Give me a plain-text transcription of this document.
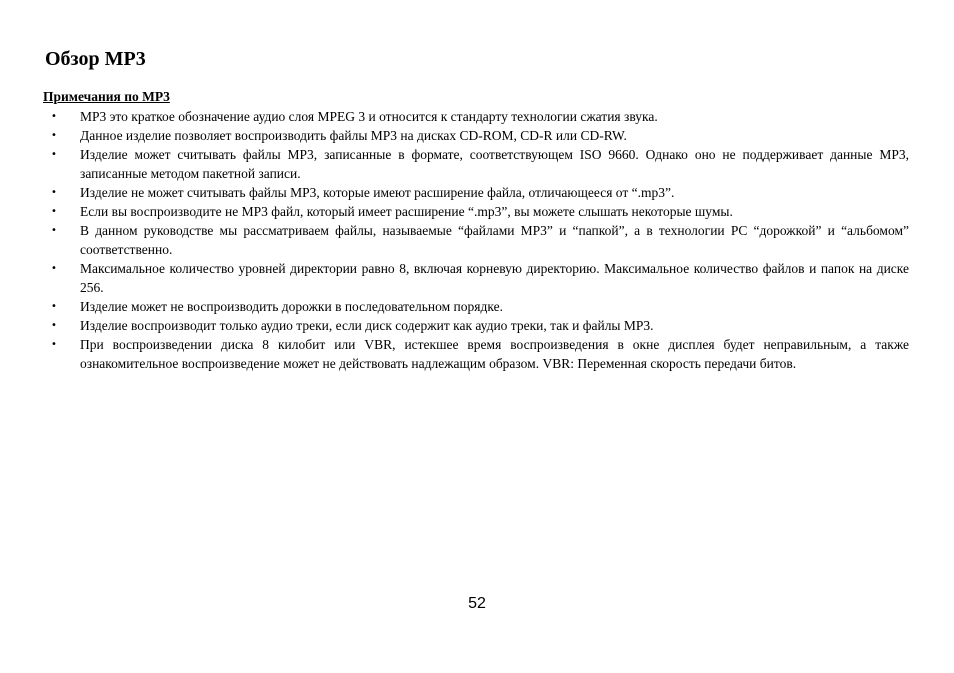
Обзор MP3
Примечания по MP3
• MP3 это краткое обозначение аудио слоя MPEG 3 и относится к стандарту технологии сжатия звука.
• Данное изделие позволяет воспроизводить файлы MP3 на дисках CD-ROM, CD-R или CD-RW.
• Изделие может считывать файлы MP3, записанные в формате, соответствующем ISO 9660. Однако оно не поддерживает данные MP3, записанные методом пакетной записи.
• Изделие не может считывать файлы MP3, которые имеют расширение файла, отличающееся от “.mp3”.
• Если вы воспроизводите не MP3 файл, который имеет расширение “.mp3”, вы можете слышать некоторые шумы.
• В данном руководстве мы рассматриваем файлы, называемые “файлами MP3” и “папкой”, а в технологии PC “дорожкой” и “альбомом” соответственно.
• Максимальное количество уровней директории равно 8, включая корневую директорию. Максимальное количество файлов и папок на диске 256.
• Изделие может не воспроизводить дорожки в последовательном порядке.
• Изделие воспроизводит только аудио треки, если диск содержит как аудио треки, так и файлы MP3.
• При воспроизведении диска 8 килобит или VBR, истекшее время воспроизведения в окне дисплея будет неправильным, а также ознакомительное воспроизведение может не действовать надлежащим образом. VBR: Переменная скорость передачи битов.
52
